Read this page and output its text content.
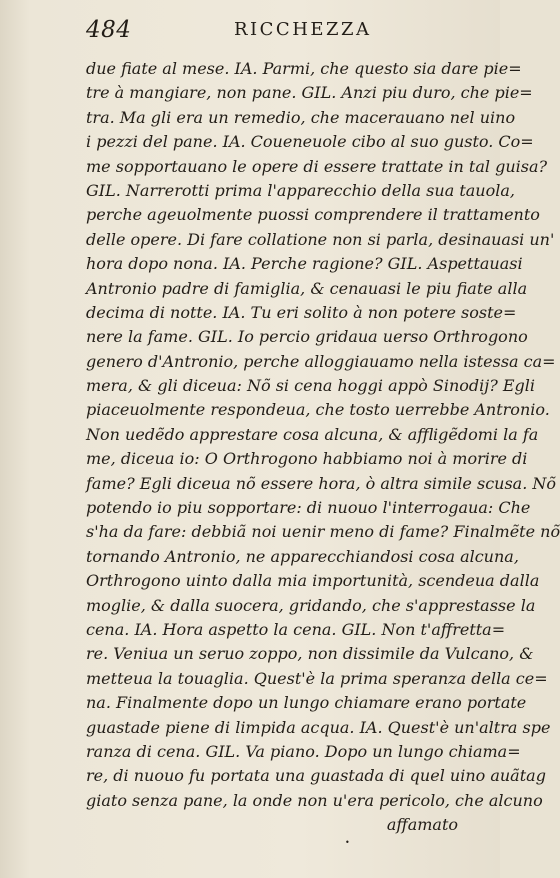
484	RICCHEZZA
due fiate al mese. IA. Parmi, che questo sia dare pie=
tre à mangiare, non pane. GIL. Anzi piu duro, che pie=
tra. Ma gli era un remedio, che macerauano nel uino
i pezzi del pane. IA. Coueneuole cibo al suo gusto. Co=
me sopportauano le opere di essere trattate in tal guisa?
GIL. Narrerotti prima l'apparecchio della sua tauola,
perche ageuolmente puossi comprendere il trattamento
delle opere. Di fare collatione non si parla, desinauasi un'
hora dopo nona. IA. Perche ragione? GIL. Aspettauasi
Antronio padre di famiglia, & cenauasi le piu fiate alla
decima di notte. IA. Tu eri solito à non potere soste=
nere la fame. GIL. Io percio gridaua uerso Orthrogono
genero d'Antronio, perche alloggiauamo nella istessa ca=
mera, & gli diceua: Nõ si cena hoggi appò Sinodij? Egli
piaceuolmente respondeua, che tosto uerrebbe Antronio.
Non uedẽdo apprestare cosa alcuna, & affligẽdomi la fa
me, diceua io: O Orthrogono habbiamo noi à morire di
fame? Egli diceua nõ essere hora, ò altra simile scusa. Nõ
potendo io piu sopportare: di nuouo l'interrogaua: Che
s'ha da fare: debbiã noi uenir meno di fame? Finalmẽte nõ
tornando Antronio, ne apparecchiandosi cosa alcuna,
Orthrogono uinto dalla mia importunità, scendeua dalla
moglie, & dalla suocera, gridando, che s'apprestasse la
cena. IA. Hora aspetto la cena. GIL. Non t'affretta=
re. Veniua un seruo zoppo, non dissimile da Vulcano, &
metteua la touaglia. Quest'è la prima speranza della ce=
na. Finalmente dopo un lungo chiamare erano portate
guastade piene di limpida acqua. IA. Quest'è un'altra spe
ranza di cena. GIL. Va piano. Dopo un lungo chiama=
re, di nuouo fu portata una guastada di quel uino auãtag
giato senza pane, la onde non u'era pericolo, che alcuno
affamato
•
